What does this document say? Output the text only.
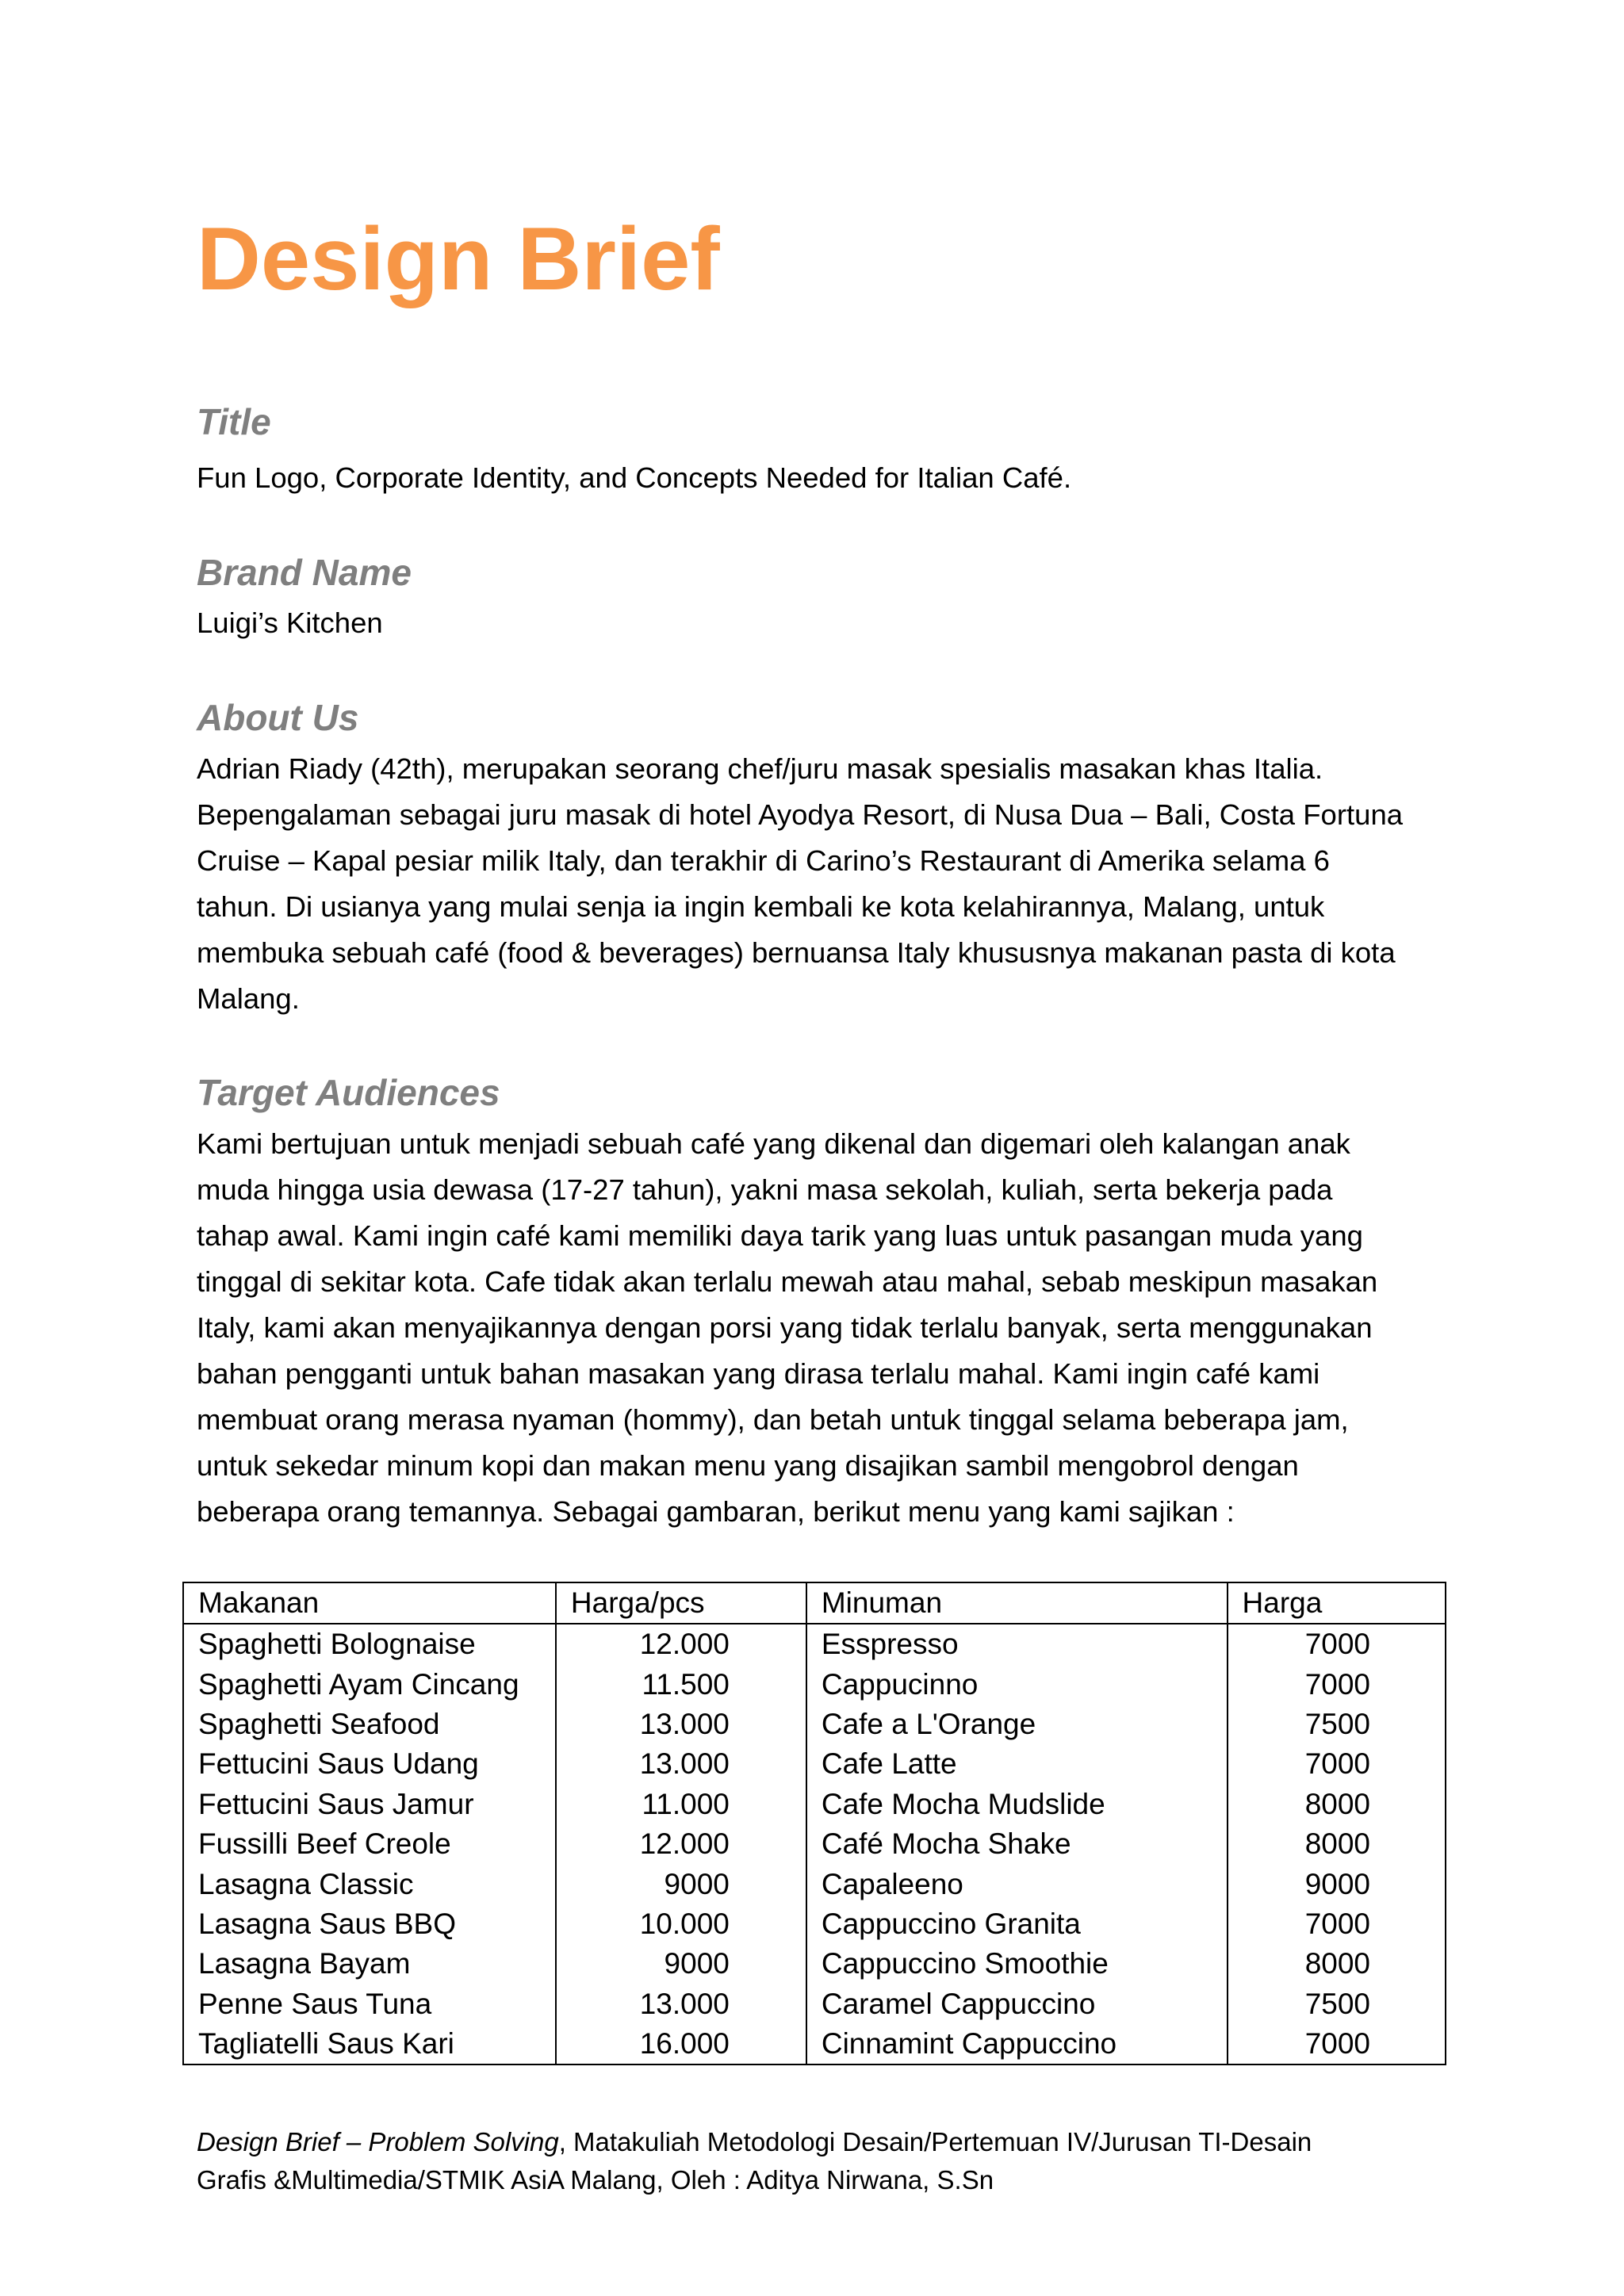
Design Brief
Title

Fun Logo, Corporate Identity, and Concepts Needed for Italian Café.

Brand Name

Luigi’s Kitchen

About Us
Adrian Riady (42th), merupakan seorang chef/juru masak spesialis masakan khas Italia.
Bepengalaman sebagai juru masak di hotel Ayodya Resort, di Nusa Dua – Bali, Costa Fortuna
Cruise – Kapal pesiar milik Italy, dan terakhir di Carino’s Restaurant di Amerika selama 6
tahun. Di usianya yang mulai senja ia ingin kembali ke kota kelahirannya, Malang, untuk
membuka sebuah café (food & beverages) bernuansa Italy khususnya makanan pasta di kota
Malang.
Target Audiences
Kami bertujuan untuk menjadi sebuah café yang dikenal dan digemari oleh kalangan anak
muda hingga usia dewasa (17-27 tahun), yakni masa sekolah, kuliah, serta bekerja pada
tahap awal. Kami ingin café kami memiliki daya tarik yang luas untuk pasangan muda yang
tinggal di sekitar kota. Cafe tidak akan terlalu mewah atau mahal, sebab meskipun masakan
Italy, kami akan menyajikannya dengan porsi yang tidak terlalu banyak, serta menggunakan
bahan pengganti untuk bahan masakan yang dirasa terlalu mahal. Kami ingin café kami
membuat orang merasa nyaman (hommy), dan betah untuk tinggal selama beberapa jam,
untuk sekedar minum kopi dan makan menu yang disajikan sambil mengobrol dengan
beberapa orang temannya. Sebagai gambaran, berikut menu yang kami sajikan :
Makanan	Harga/pcs	Minuman	Harga
Spaghetti Bolognaise	12.000	Esspresso	7000
Spaghetti Ayam Cincang	11.500	Cappucinno	7000
Spaghetti Seafood	13.000	Cafe a L'Orange	7500
Fettucini Saus Udang	13.000	Cafe Latte	7000
Fettucini Saus Jamur	11.000	Cafe Mocha Mudslide	8000
Fussilli Beef Creole	12.000	Café Mocha Shake	8000
Lasagna Classic	9000	Capaleeno	9000
Lasagna Saus BBQ	10.000	Cappuccino Granita	7000
Lasagna Bayam	9000	Cappuccino Smoothie	8000
Penne Saus Tuna	13.000	Caramel Cappuccino	7500
Tagliatelli Saus Kari	16.000	Cinnamint Cappuccino	7000
Design Brief – Problem Solving, Matakuliah Metodologi Desain/Pertemuan IV/Jurusan TI-Desain
Grafis &Multimedia/STMIK AsiA Malang, Oleh : Aditya Nirwana, S.Sn
